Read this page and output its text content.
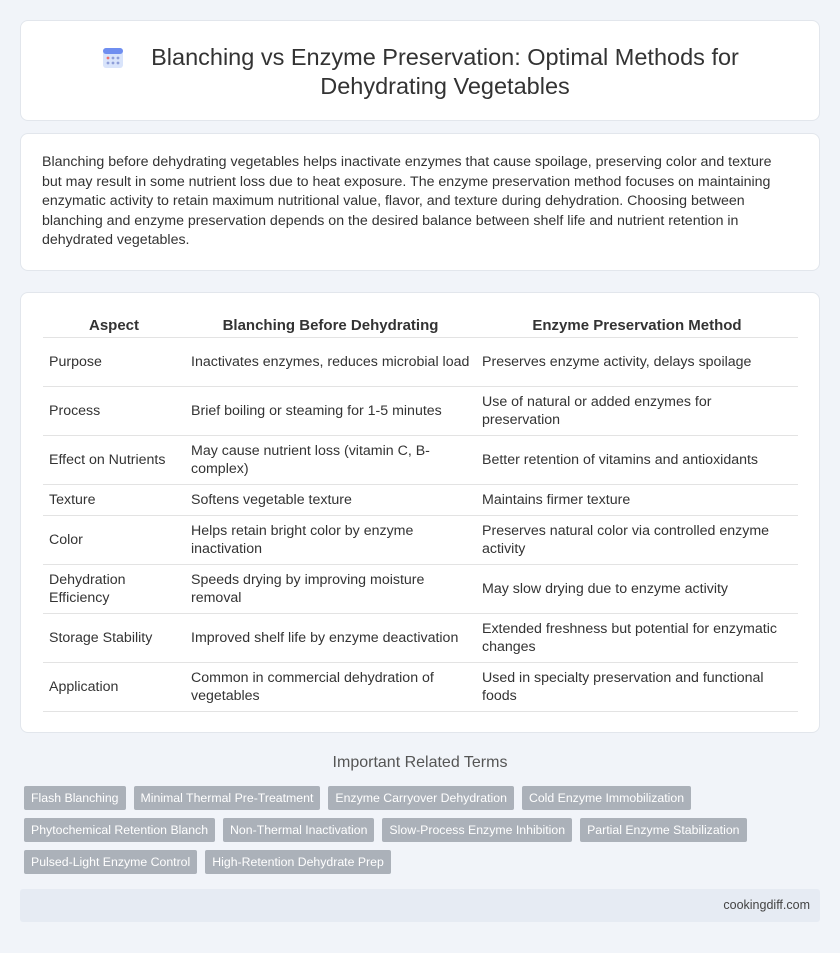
Blanching vs Enzyme Preservation: Optimal Methods for Dehydrating Vegetables

Blanching before dehydrating vegetables helps inactivate enzymes that cause spoilage, preserving color and texture but may result in some nutrient loss due to heat exposure. The enzyme preservation method focuses on maintaining enzymatic activity to retain maximum nutritional value, flavor, and texture during dehydration. Choosing between blanching and enzyme preservation depends on the desired balance between shelf life and nutrient retention in dehydrated vegetables.

Aspect	Blanching Before Dehydrating	Enzyme Preservation Method
Purpose	Inactivates enzymes, reduces microbial load	Preserves enzyme activity, delays spoilage
Process	Brief boiling or steaming for 1-5 minutes	Use of natural or added enzymes for preservation
Effect on Nutrients	May cause nutrient loss (vitamin C, B-complex)	Better retention of vitamins and antioxidants
Texture	Softens vegetable texture	Maintains firmer texture
Color	Helps retain bright color by enzyme inactivation	Preserves natural color via controlled enzyme activity
Dehydration Efficiency	Speeds drying by improving moisture removal	May slow drying due to enzyme activity
Storage Stability	Improved shelf life by enzyme deactivation	Extended freshness but potential for enzymatic changes
Application	Common in commercial dehydration of vegetables	Used in specialty preservation and functional foods
Important Related Terms
Flash Blanching	Minimal Thermal Pre-Treatment	Enzyme Carryover Dehydration	Cold Enzyme Immobilization
Phytochemical Retention Blanch	Non-Thermal Inactivation	Slow-Process Enzyme Inhibition	Partial Enzyme Stabilization
Pulsed-Light Enzyme Control	High-Retention Dehydrate Prep
cookingdiff.com
